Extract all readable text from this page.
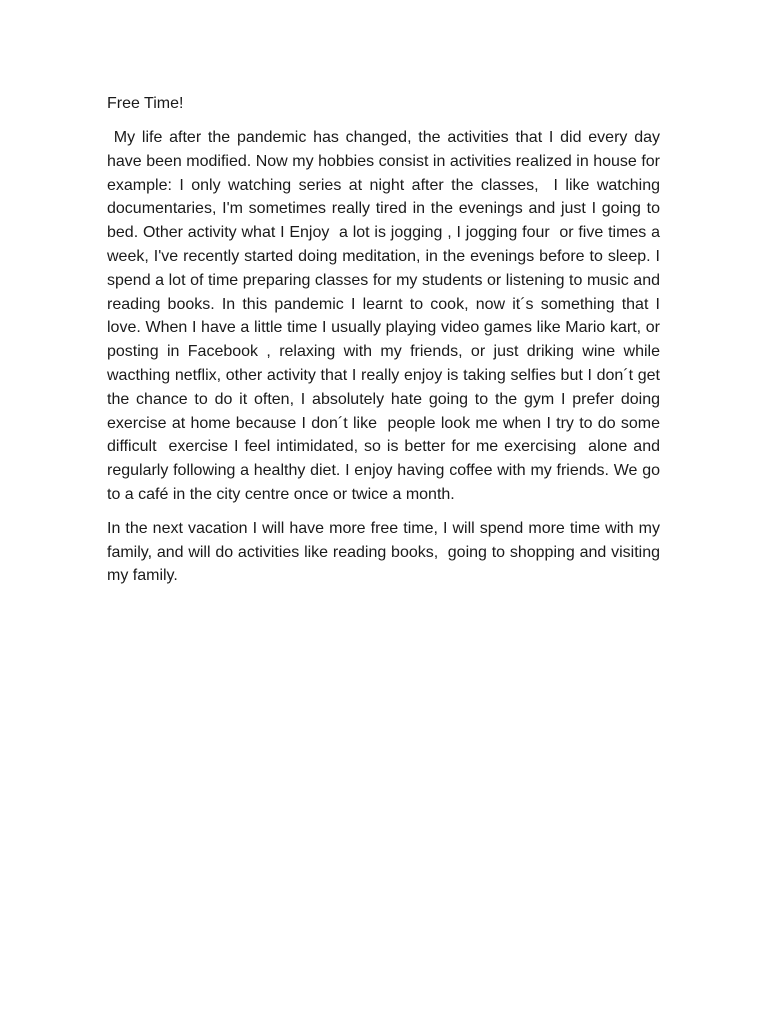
Free Time!

My life after the pandemic has changed, the activities that I did every day have been modified. Now my hobbies consist in activities realized in house for example: I only watching series at night after the classes,  I like watching documentaries, I'm sometimes really tired in the evenings and just I going to bed. Other activity what I Enjoy  a lot is jogging , I jogging four  or five times a week, I've recently started doing meditation, in the evenings before to sleep. I spend a lot of time preparing classes for my students or listening to music and reading books. In this pandemic I learnt to cook, now it´s something that I love. When I have a little time I usually playing video games like Mario kart, or posting in Facebook , relaxing with my friends, or just driking wine while wacthing netflix, other activity that I really enjoy is taking selfies but I don´t get the chance to do it often, I absolutely hate going to the gym I prefer doing exercise at home because I don´t like  people look me when I try to do some difficult  exercise I feel intimidated, so is better for me exercising  alone and regularly following a healthy diet. I enjoy having coffee with my friends. We go to a café in the city centre once or twice a month.

In the next vacation I will have more free time, I will spend more time with my family, and will do activities like reading books,  going to shopping and visiting my family.
